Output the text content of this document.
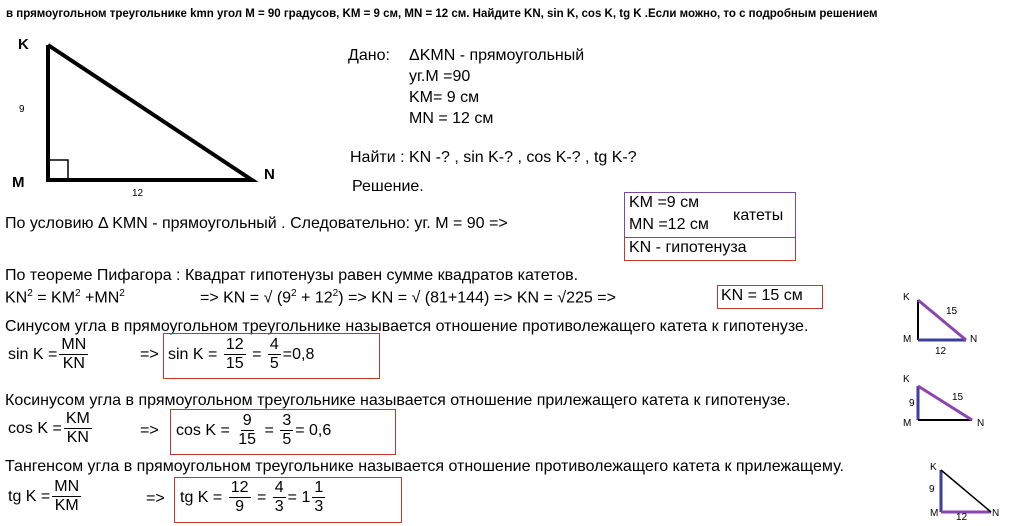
в прямоугольном треугольнике kmn угол M = 90 градусов, KM = 9 см, MN = 12 см. Найдите KN, sin K, cos K, tg K .Если можно, то с подробным решением
K
M	N
9
12
Дано: ΔKMN - прямоугольный
уг.M =90
KM= 9 см
MN = 12 см
Найти : KN -? , sin K-? , cos K-? , tg K-?
Решение.
По условию Δ KMN - прямоугольный . Следовательно: уг. M = 90 =>
KM =9 см
MN =12 см
катеты
KN - гипотенуза
По теореме Пифагора : Квадрат гипотенузы равен сумме квадратов катетов.
$KN^2 = KM^2 +MN^2$	=> KN = √ $(9^2 + 12^2)$ => KN = √ (81+144) => KN = √225 =>	KN = 15 см
Синусом угла в прямоугольном треугольнике называется отношение противолежащего катета к гипотенузе.
$\sin K = \frac{MN}{KN}$	=> sin K =
$\frac{12}{15}$
=
$\frac{4}{5} =0,8$
Косинусом угла в прямоугольном треугольнике называется отношение прилежащего катета к гипотенузе.
$\cos K = \frac{KM}{KN}$	=> cos K =
$\frac{9}{15}$
=
$\frac{3}{5} = 0,6$
Тангенсом угла в прямоугольном треугольнике называется отношение противолежащего катета к прилежащему.
tg $K = \frac{MN}{KM}$	=> tg K =
$\frac{12}{9}$
=
$\frac{4}{3} = 1 \frac{1}{3}$
K
M	N
15
12
K
M	N
15
9
K
M	N
9
12
